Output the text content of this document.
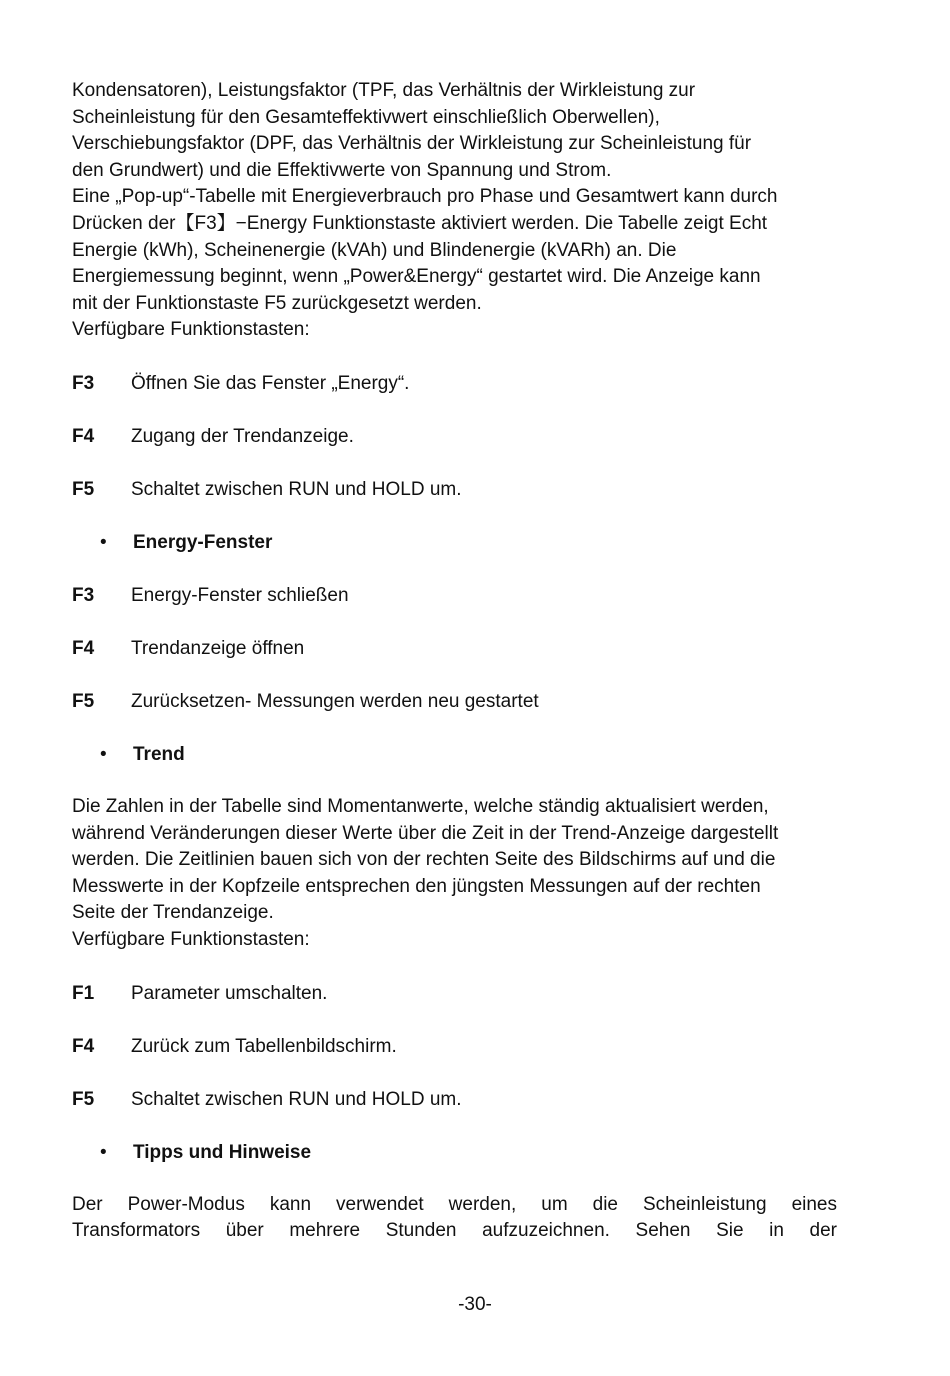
Kondensatoren), Leistungsfaktor (TPF, das Verhältnis der Wirkleistung zur

Scheinleistung für den Gesamteffektivwert einschließlich Oberwellen),

Verschiebungsfaktor (DPF, das Verhältnis der Wirkleistung zur Scheinleistung für

den Grundwert) und die Effektivwerte von Spannung und Strom.

Eine „Pop-up“-Tabelle mit Energieverbrauch pro Phase und Gesamtwert kann durch

Drücken der【F3】−Energy Funktionstaste aktiviert werden. Die Tabelle zeigt Echt

Energie (kWh), Scheinenergie (kVAh) und Blindenergie (kVARh) an. Die

Energiemessung beginnt, wenn „Power&Energy“ gestartet wird. Die Anzeige kann

mit der Funktionstaste F5 zurückgesetzt werden.

Verfügbare Funktionstasten:

F3	Öffnen Sie das Fenster „Energy“.
F4	Zugang der Trendanzeige.
F5	Schaltet zwischen RUN und HOLD um.
•	Energy-Fenster
F3	Energy-Fenster schließen
F4	Trendanzeige öffnen
F5	Zurücksetzen- Messungen werden neu gestartet
•	Trend

Die Zahlen in der Tabelle sind Momentanwerte, welche ständig aktualisiert werden,

während Veränderungen dieser Werte über die Zeit in der Trend-Anzeige dargestellt

werden. Die Zeitlinien bauen sich von der rechten Seite des Bildschirms auf und die

Messwerte in der Kopfzeile entsprechen den jüngsten Messungen auf der rechten

Seite der Trendanzeige.

Verfügbare Funktionstasten:

F1	Parameter umschalten.
F4	Zurück zum Tabellenbildschirm.
F5	Schaltet zwischen RUN und HOLD um.
•	Tipps und Hinweise

Der Power-Modus kann verwendet werden, um die Scheinleistung eines

Transformators über mehrere Stunden aufzuzeichnen. Sehen Sie in der

-30-
